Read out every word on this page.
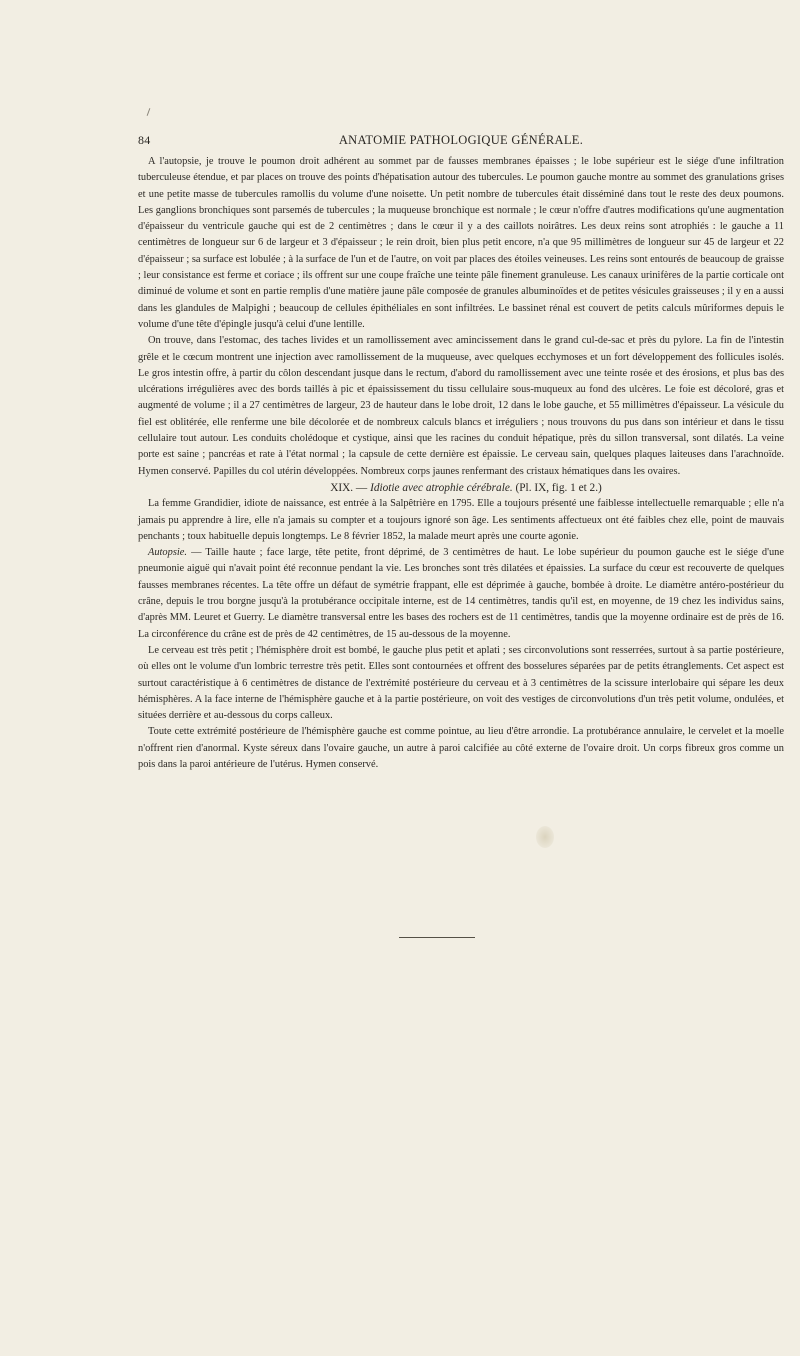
84	ANATOMIE PATHOLOGIQUE GÉNÉRALE.

A l'autopsie, je trouve le poumon droit adhérent au sommet par de fausses membranes épaisses ; le lobe supérieur est le siége d'une infiltration tuberculeuse étendue, et par places on trouve des points d'hépatisation autour des tubercules. Le poumon gauche montre au sommet des granulations grises et une petite masse de tubercules ramollis du volume d'une noisette. Un petit nombre de tubercules était disséminé dans tout le reste des deux poumons. Les ganglions bronchiques sont parsemés de tubercules ; la muqueuse bronchique est normale ; le cœur n'offre d'autres modifications qu'une augmentation d'épaisseur du ventricule gauche qui est de 2 centimètres ; dans le cœur il y a des caillots noirâtres. Les deux reins sont atrophiés : le gauche a 11 centimètres de longueur sur 6 de largeur et 3 d'épaisseur ; le rein droit, bien plus petit encore, n'a que 95 millimètres de longueur sur 45 de largeur et 22 d'épaisseur ; sa surface est lobulée ; à la surface de l'un et de l'autre, on voit par places des étoiles veineuses. Les reins sont entourés de beaucoup de graisse ; leur consistance est ferme et coriace ; ils offrent sur une coupe fraîche une teinte pâle finement granuleuse. Les canaux urinifères de la partie corticale ont diminué de volume et sont en partie remplis d'une matière jaune pâle composée de granules albuminoïdes et de petites vésicules graisseuses ; il y en a aussi dans les glandules de Malpighi ; beaucoup de cellules épithéliales en sont infiltrées. Le bassinet rénal est couvert de petits calculs mûriformes depuis le volume d'une tête d'épingle jusqu'à celui d'une lentille.

On trouve, dans l'estomac, des taches livides et un ramollissement avec amincissement dans le grand cul-de-sac et près du pylore. La fin de l'intestin grêle et le cœcum montrent une injection avec ramollissement de la muqueuse, avec quelques ecchymoses et un fort développement des follicules isolés. Le gros intestin offre, à partir du côlon descendant jusque dans le rectum, d'abord du ramollissement avec une teinte rosée et des érosions, et plus bas des ulcérations irrégulières avec des bords taillés à pic et épaississement du tissu cellulaire sous-muqueux au fond des ulcères. Le foie est décoloré, gras et augmenté de volume ; il a 27 centimètres de largeur, 23 de hauteur dans le lobe droit, 12 dans le lobe gauche, et 55 millimètres d'épaisseur. La vésicule du fiel est oblitérée, elle renferme une bile décolorée et de nombreux calculs blancs et irréguliers ; nous trouvons du pus dans son intérieur et dans le tissu cellulaire tout autour. Les conduits cholédoque et cystique, ainsi que les racines du conduit hépatique, près du sillon transversal, sont dilatés. La veine porte est saine ; pancréas et rate à l'état normal ; la capsule de cette dernière est épaissie. Le cerveau sain, quelques plaques laiteuses dans l'arachnoïde. Hymen conservé. Papilles du col utérin développées. Nombreux corps jaunes renfermant des cristaux hématiques dans les ovaires.

XIX. — Idiotie avec atrophie cérébrale. (Pl. IX, fig. 1 et 2.)

La femme Grandidier, idiote de naissance, est entrée à la Salpêtrière en 1795. Elle a toujours présenté une faiblesse intellectuelle remarquable ; elle n'a jamais pu apprendre à lire, elle n'a jamais su compter et a toujours ignoré son âge. Les sentiments affectueux ont été faibles chez elle, point de mauvais penchants ; toux habituelle depuis longtemps. Le 8 février 1852, la malade meurt après une courte agonie.

Autopsie. — Taille haute ; face large, tête petite, front déprimé, de 3 centimètres de haut. Le lobe supérieur du poumon gauche est le siége d'une pneumonie aiguë qui n'avait point été reconnue pendant la vie. Les bronches sont très dilatées et épaissies. La surface du cœur est recouverte de quelques fausses membranes récentes. La tête offre un défaut de symétrie frappant, elle est déprimée à gauche, bombée à droite. Le diamètre antéro-postérieur du crâne, depuis le trou borgne jusqu'à la protubérance occipitale interne, est de 14 centimètres, tandis qu'il est, en moyenne, de 19 chez les individus sains, d'après MM. Leuret et Guerry. Le diamètre transversal entre les bases des rochers est de 11 centimètres, tandis que la moyenne ordinaire est de près de 16. La circonférence du crâne est de près de 42 centimètres, de 15 au-dessous de la moyenne.

Le cerveau est très petit ; l'hémisphère droit est bombé, le gauche plus petit et aplati ; ses circonvolutions sont resserrées, surtout à sa partie postérieure, où elles ont le volume d'un lombric terrestre très petit. Elles sont contournées et offrent des bosselures séparées par de petits étranglements. Cet aspect est surtout caractéristique à 6 centimètres de distance de l'extrémité postérieure du cerveau et à 3 centimètres de la scissure interlobaire qui sépare les deux hémisphères. A la face interne de l'hémisphère gauche et à la partie postérieure, on voit des vestiges de circonvolutions d'un très petit volume, ondulées, et situées derrière et au-dessous du corps calleux.

Toute cette extrémité postérieure de l'hémisphère gauche est comme pointue, au lieu d'être arrondie. La protubérance annulaire, le cervelet et la moelle n'offrent rien d'anormal. Kyste séreux dans l'ovaire gauche, un autre à paroi calcifiée au côté externe de l'ovaire droit. Un corps fibreux gros comme un pois dans la paroi antérieure de l'utérus. Hymen conservé.
